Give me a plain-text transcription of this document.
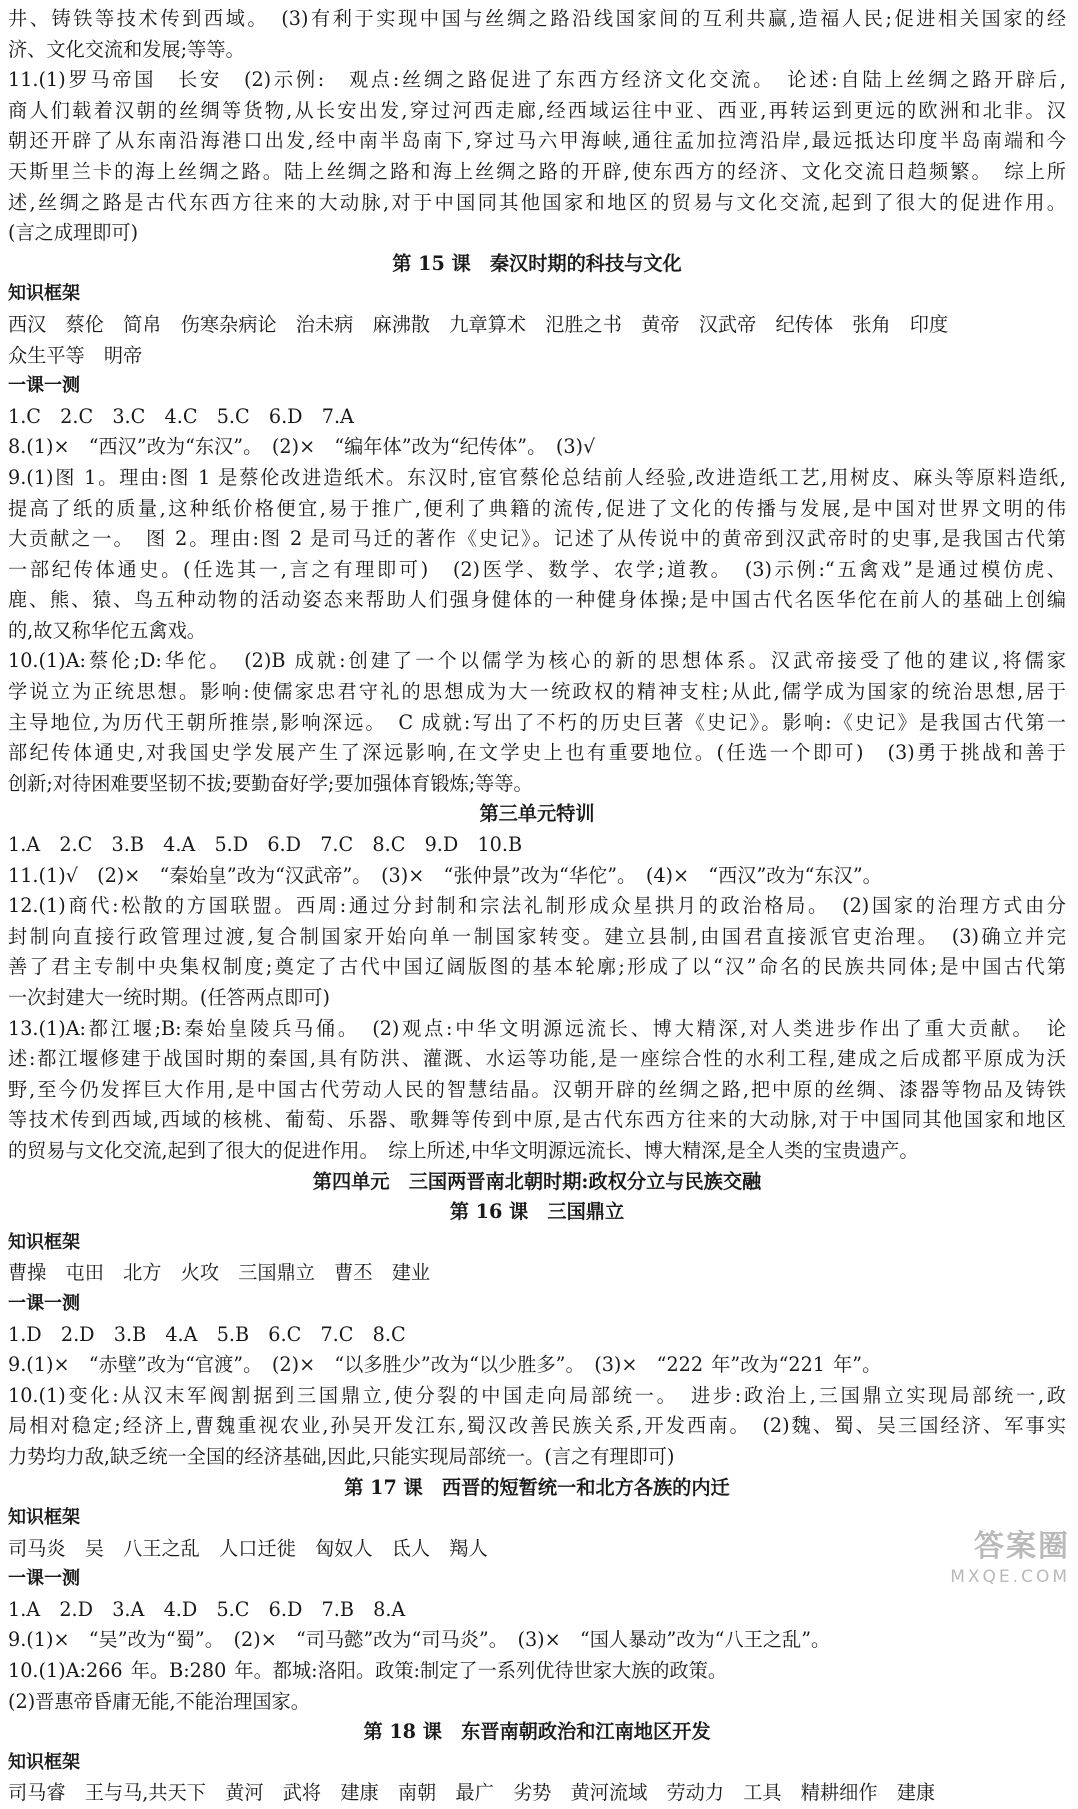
井、铸铁等技术传到西域。　(3)有利于实现中国与丝绸之路沿线国家间的互利共赢,造福人民;促进相关国家的经

济、文化交流和发展;等等。

11.(1)罗马帝国　长安　(2)示例:　观点:丝绸之路促进了东西方经济文化交流。　论述:自陆上丝绸之路开辟后,

商人们载着汉朝的丝绸等货物,从长安出发,穿过河西走廊,经西域运往中亚、西亚,再转运到更远的欧洲和北非。汉

朝还开辟了从东南沿海港口出发,经中南半岛南下,穿过马六甲海峡,通往孟加拉湾沿岸,最远抵达印度半岛南端和今

天斯里兰卡的海上丝绸之路。陆上丝绸之路和海上丝绸之路的开辟,使东西方的经济、文化交流日趋频繁。　综上所

述,丝绸之路是古代东西方往来的大动脉,对于中国同其他国家和地区的贸易与文化交流,起到了很大的促进作用。

(言之成理即可)

第 15 课　秦汉时期的科技与文化

知识框架

西汉　蔡伦　简帛　伤寒杂病论　治未病　麻沸散　九章算术　氾胜之书　黄帝　汉武帝　纪传体　张角　印度

众生平等　明帝

一课一测

1.C　2.C　3.C　4.C　5.C　6.D　7.A

8.(1)×　“西汉”改为“东汉”。　(2)×　“编年体”改为“纪传体”。　(3)√

9.(1)图 1。理由:图 1 是蔡伦改进造纸术。东汉时,宦官蔡伦总结前人经验,改进造纸工艺,用树皮、麻头等原料造纸,

提高了纸的质量,这种纸价格便宜,易于推广,便利了典籍的流传,促进了文化的传播与发展,是中国对世界文明的伟

大贡献之一。　图 2。理由:图 2 是司马迁的著作《史记》。记述了从传说中的黄帝到汉武帝时的史事,是我国古代第

一部纪传体通史。(任选其一,言之有理即可)　(2)医学、数学、农学;道教。　(3)示例:“五禽戏”是通过模仿虎、

鹿、熊、猿、鸟五种动物的活动姿态来帮助人们强身健体的一种健身体操;是中国古代名医华佗在前人的基础上创编

的,故又称华佗五禽戏。

10.(1)A:蔡伦;D:华佗。　(2)B 成就:创建了一个以儒学为核心的新的思想体系。汉武帝接受了他的建议,将儒家

学说立为正统思想。影响:使儒家忠君守礼的思想成为大一统政权的精神支柱;从此,儒学成为国家的统治思想,居于

主导地位,为历代王朝所推崇,影响深远。　C 成就:写出了不朽的历史巨著《史记》。影响:《史记》是我国古代第一

部纪传体通史,对我国史学发展产生了深远影响,在文学史上也有重要地位。(任选一个即可)　(3)勇于挑战和善于

创新;对待困难要坚韧不拔;要勤奋好学;要加强体育锻炼;等等。

第三单元特训

1.A　2.C　3.B　4.A　5.D　6.D　7.C　8.C　9.D　10.B

11.(1)√　(2)×　“秦始皇”改为“汉武帝”。　(3)×　“张仲景”改为“华佗”。　(4)×　“西汉”改为“东汉”。

12.(1)商代:松散的方国联盟。西周:通过分封制和宗法礼制形成众星拱月的政治格局。　(2)国家的治理方式由分

封制向直接行政管理过渡,复合制国家开始向单一制国家转变。建立县制,由国君直接派官吏治理。　(3)确立并完

善了君主专制中央集权制度;奠定了古代中国辽阔版图的基本轮廓;形成了以“汉”命名的民族共同体;是中国古代第

一次封建大一统时期。(任答两点即可)

13.(1)A:都江堰;B:秦始皇陵兵马俑。　(2)观点:中华文明源远流长、博大精深,对人类进步作出了重大贡献。　论

述:都江堰修建于战国时期的秦国,具有防洪、灌溉、水运等功能,是一座综合性的水利工程,建成之后成都平原成为沃

野,至今仍发挥巨大作用,是中国古代劳动人民的智慧结晶。汉朝开辟的丝绸之路,把中原的丝绸、漆器等物品及铸铁

等技术传到西域,西域的核桃、葡萄、乐器、歌舞等传到中原,是古代东西方往来的大动脉,对于中国同其他国家和地区

的贸易与文化交流,起到了很大的促进作用。　综上所述,中华文明源远流长、博大精深,是全人类的宝贵遗产。

第四单元　三国两晋南北朝时期:政权分立与民族交融

第 16 课　三国鼎立

知识框架

曹操　屯田　北方　火攻　三国鼎立　曹丕　建业

一课一测

1.D　2.D　3.B　4.A　5.B　6.C　7.C　8.C

9.(1)×　“赤壁”改为“官渡”。　(2)×　“以多胜少”改为“以少胜多”。　(3)×　“222 年”改为“221 年”。

10.(1)变化:从汉末军阀割据到三国鼎立,使分裂的中国走向局部统一。　进步:政治上,三国鼎立实现局部统一,政

局相对稳定;经济上,曹魏重视农业,孙吴开发江东,蜀汉改善民族关系,开发西南。　(2)魏、蜀、吴三国经济、军事实

力势均力敌,缺乏统一全国的经济基础,因此,只能实现局部统一。(言之有理即可)

第 17 课　西晋的短暂统一和北方各族的内迁

知识框架

司马炎　吴　八王之乱　人口迁徙　匈奴人　氐人　羯人

一课一测

1.A　2.D　3.A　4.D　5.C　6.D　7.B　8.A

9.(1)×　“吴”改为“蜀”。　(2)×　“司马懿”改为“司马炎”。　(3)×　“国人暴动”改为“八王之乱”。

10.(1)A:266 年。B:280 年。都城:洛阳。政策:制定了一系列优待世家大族的政策。

(2)晋惠帝昏庸无能,不能治理国家。

第 18 课　东晋南朝政治和江南地区开发

知识框架

司马睿　王与马,共天下　黄河　武将　建康　南朝　最广　劣势　黄河流域　劳动力　工具　精耕细作　建康

答案圈
MXQE.COM
